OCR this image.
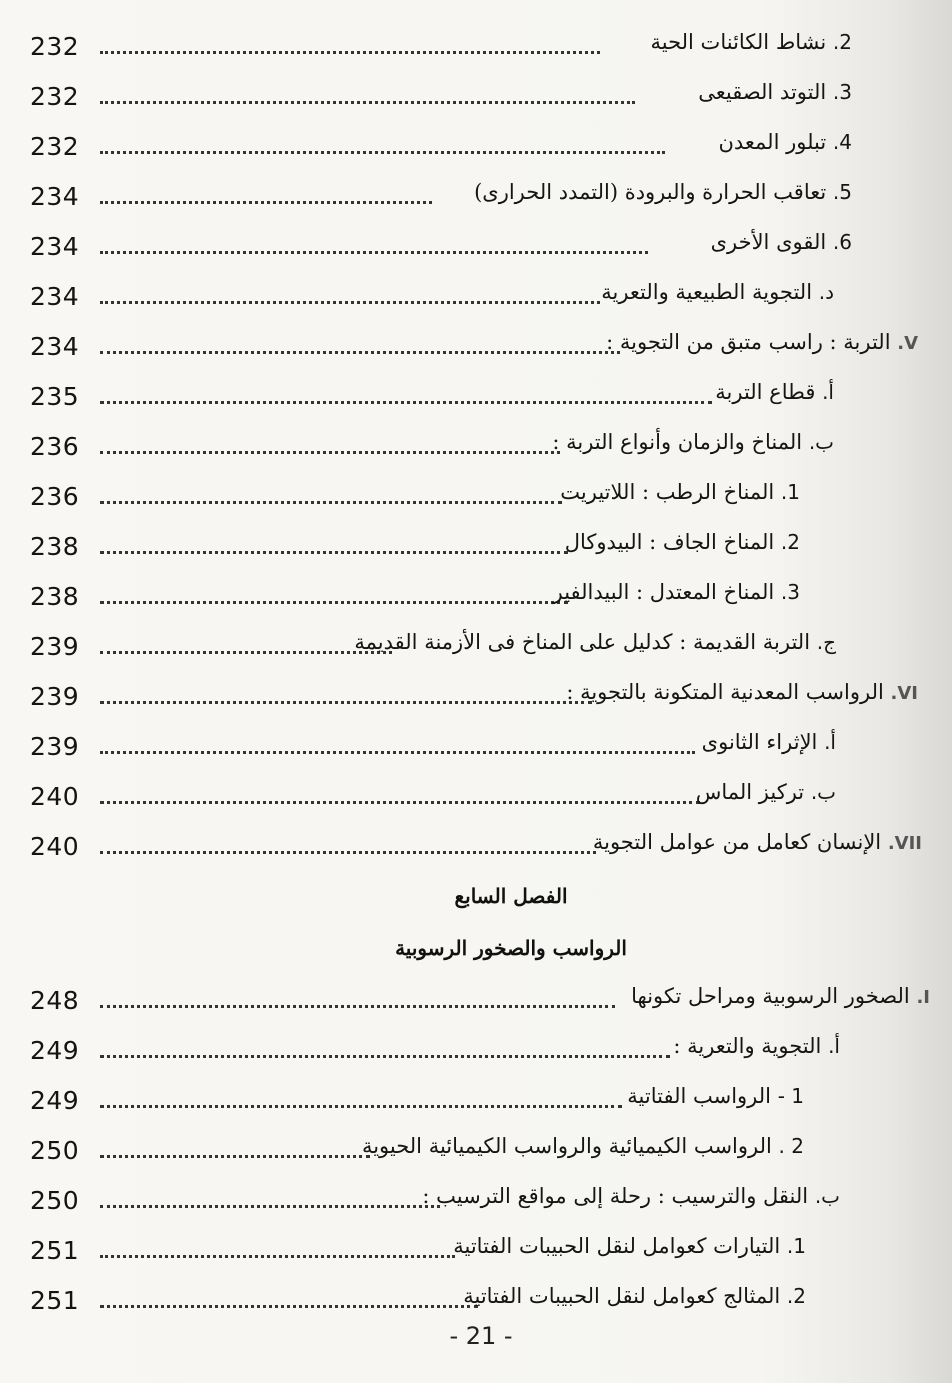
232	2. نشاط الكائنات الحية
232	3. التوتد الصقيعى
232	4. تبلور المعدن
234	5. تعاقب الحرارة والبرودة (التمدد الحرارى)
234	6. القوى الأخرى
234	د. التجوية الطبيعية والتعرية
234	V. التربة : راسب متبق من التجوية :
235	أ. قطاع التربة
236	ب. المناخ والزمان وأنواع التربة :
236	1. المناخ الرطب : اللاتيريت
238	2. المناخ الجاف : البيدوكال
238	3. المناخ المعتدل : البيدالفير
239	ج. التربة القديمة : كدليل على المناخ فى الأزمنة القديمة
239	VI. الرواسب المعدنية المتكونة بالتجوية :
239	أ. الإثراء الثانوى
240	ب. تركيز الماس
240	VII. الإنسان كعامل من عوامل التجوية
الفصل السابع
الرواسب والصخور الرسوبية
248	I. الصخور الرسوبية ومراحل تكونها
249	أ. التجوية والتعرية :
249	1 - الرواسب الفتاتية
250	2 . الرواسب الكيميائية والرواسب الكيميائية الحيوية
250	ب. النقل والترسيب : رحلة إلى مواقع الترسيب :
251	1. التيارات كعوامل لنقل الحبيبات الفتاتية
251	2. المثالج كعوامل لنقل الحبيبات الفتاتية
- 21 -
